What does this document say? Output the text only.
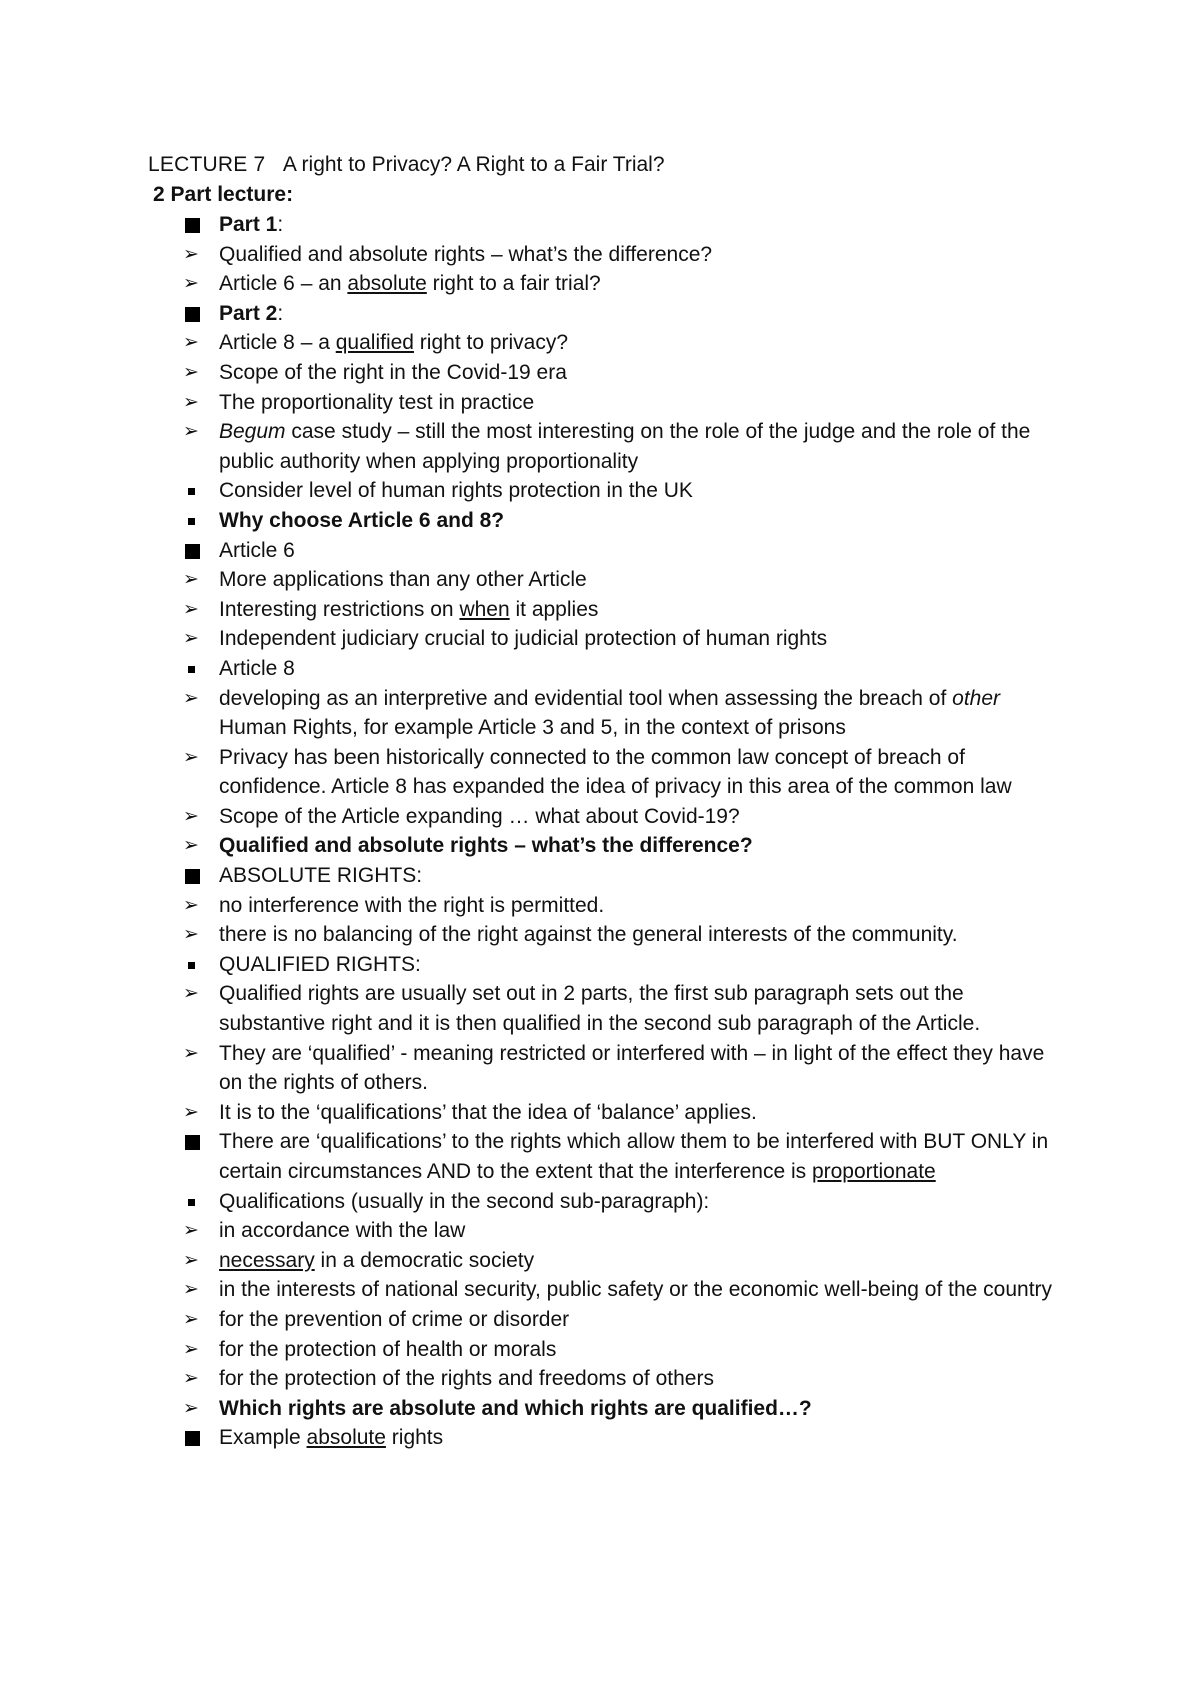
LECTURE 7 A right to Privacy? A Right to a Fair Trial?
2 Part lecture:
Part 1:
➢ Qualified and absolute rights – what’s the difference?
➢ Article 6 – an absolute right to a fair trial?
Part 2:
➢ Article 8 – a qualified right to privacy?
➢ Scope of the right in the Covid-19 era
➢ The proportionality test in practice
➢ Begum case study – still the most interesting on the role of the judge and the role of the public authority when applying proportionality
Consider level of human rights protection in the UK
Why choose Article 6 and 8?
Article 6
➢ More applications than any other Article
➢ Interesting restrictions on when it applies
➢ Independent judiciary crucial to judicial protection of human rights
Article 8
➢ developing as an interpretive and evidential tool when assessing the breach of other Human Rights, for example Article 3 and 5, in the context of prisons
➢ Privacy has been historically connected to the common law concept of breach of confidence. Article 8 has expanded the idea of privacy in this area of the common law
➢ Scope of the Article expanding … what about Covid-19?
➢ Qualified and absolute rights – what’s the difference?
ABSOLUTE RIGHTS:
➢ no interference with the right is permitted.
➢ there is no balancing of the right against the general interests of the community.
QUALIFIED RIGHTS:
➢ Qualified rights are usually set out in 2 parts, the first sub paragraph sets out the substantive right and it is then qualified in the second sub paragraph of the Article.
➢ They are ‘qualified’ - meaning restricted or interfered with – in light of the effect they have on the rights of others.
➢ It is to the ‘qualifications’ that the idea of ‘balance’ applies.
There are ‘qualifications’ to the rights which allow them to be interfered with BUT ONLY in certain circumstances AND to the extent that the interference is proportionate
Qualifications (usually in the second sub-paragraph):
➢ in accordance with the law
➢ necessary in a democratic society
➢ in the interests of national security, public safety or the economic well-being of the country
➢ for the prevention of crime or disorder
➢ for the protection of health or morals
➢ for the protection of the rights and freedoms of others
➢ Which rights are absolute and which rights are qualified…?
Example absolute rights
